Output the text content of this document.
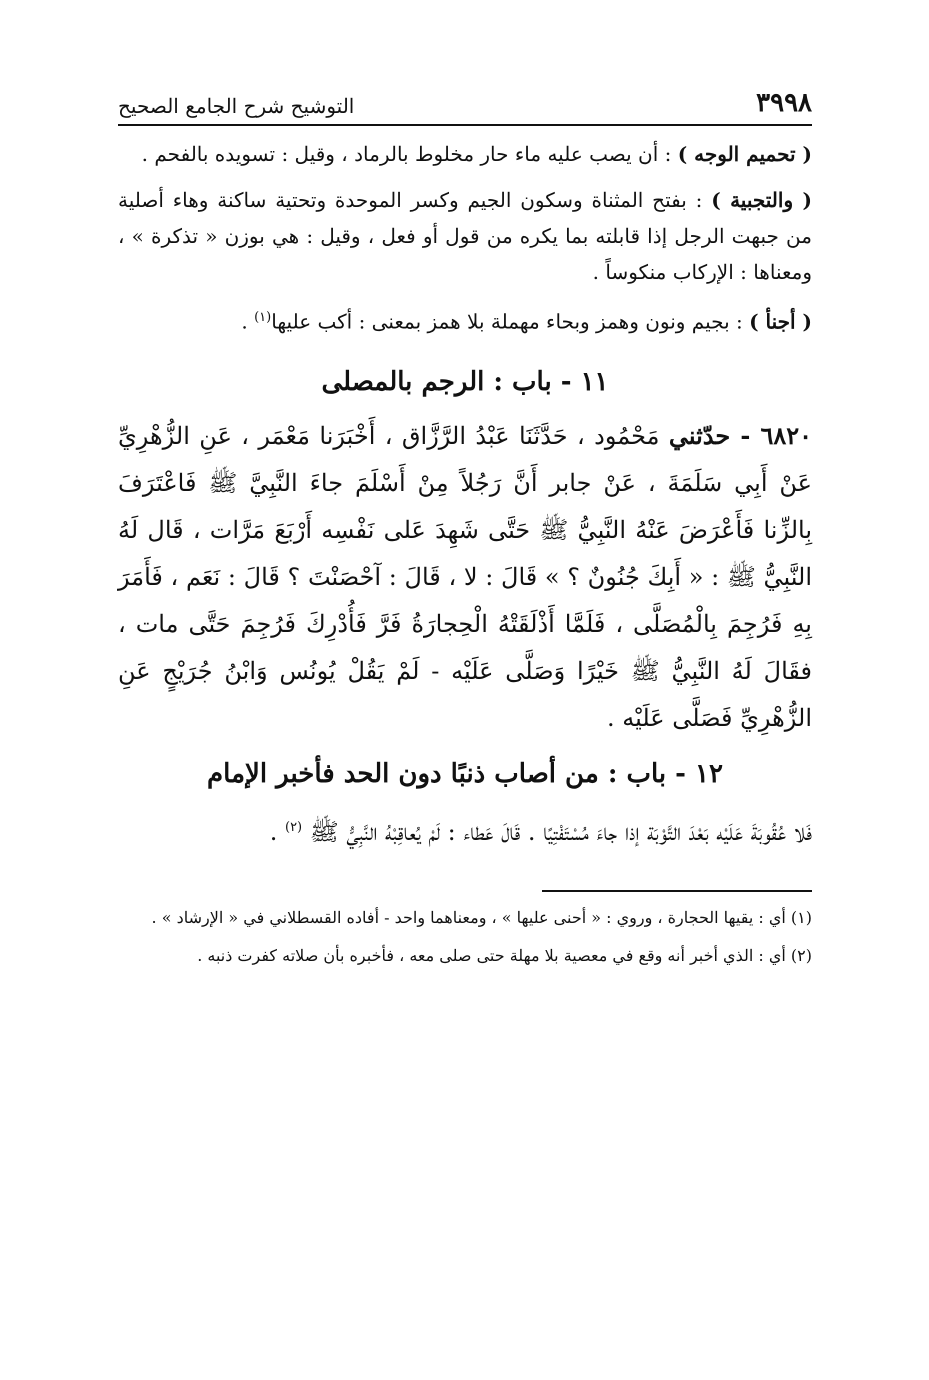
٣٩٩٨
التوشيح شرح الجامع الصحيح

( تحميم الوجه ) : أن يصب عليه ماء حار مخلوط بالرماد ، وقيل : تسويده بالفحم .

( والتجبية ) : بفتح المثناة وسكون الجيم وكسر الموحدة وتحتية ساكنة وهاء أصلية من جبهت الرجل إذا قابلته بما يكره من قول أو فعل ، وقيل : هي بوزن « تذكرة » ، ومعناها : الإركاب منكوساً .

( أجنأ ) : بجيم ونون وهمز وبحاء مهملة بلا همز بمعنى : أكب عليها$^{(١)}$ .

١١ - باب : الرجم بالمصلى

٦٨٢٠ - حدّثني مَحْمُود ، حَدَّثَنَا عَبْدُ الرَّزَّاق ، أَخْبَرَنا مَعْمَر ، عَنِ الزُّهْرِيِّ عَنْ أَبِي سَلَمَةَ ، عَنْ جابر أَنَّ رَجُلاً مِنْ أَسْلَمَ جاءَ النَّبِيَّ ﷺ فَاعْتَرَفَ بِالزِّنا فَأَعْرَضَ عَنْهُ النَّبِيُّ ﷺ حَتَّى شَهِدَ عَلى نَفْسِه أَرْبَعَ مَرَّات ، قَال لَهُ النَّبِيُّ ﷺ : « أَبِكَ جُنُونٌ ؟ » قَالَ : لا ، قَالَ : آحْصَنْتَ ؟ قَالَ : نَعَم ، فَأَمَرَ بِهِ فَرُجِمَ بِالْمُصَلَّى ، فَلَمَّا أَذْلَقَتْهُ الْحِجارَةُ فَرَّ فَأُدْرِكَ فَرُجِمَ حَتَّى مات ، فقَالَ لَهُ النَّبِيُّ ﷺ خَيْرًا وَصَلَّى عَلَيْه - لَمْ يَقُلْ يُونُس وَابْنُ جُرَيْجٍ عَنِ الزُّهْرِيِّ فَصَلَّى عَلَيْه .

١٢ - باب : من أصاب ذنبًا دون الحد فأخبر الإمام

فَلا عُقُوبَةَ عَلَيْه بَعْدَ التَّوْبَة إذا جاءَ مُسْتَفْتِيًا . قَالَ عَطاء : لَمْ يُعاقِبْهُ النَّبِيُّ ﷺ $^{(٢)}$ .

(١) أي : يقيها الحجارة ، وروي : « أحنى عليها » ، ومعناهما واحد - أفاده القسطلاني في « الإرشاد » .

(٢) أي : الذي أخبر أنه وقع في معصية بلا مهلة حتى صلى معه ، فأخبره بأن صلاته كفرت ذنبه .
